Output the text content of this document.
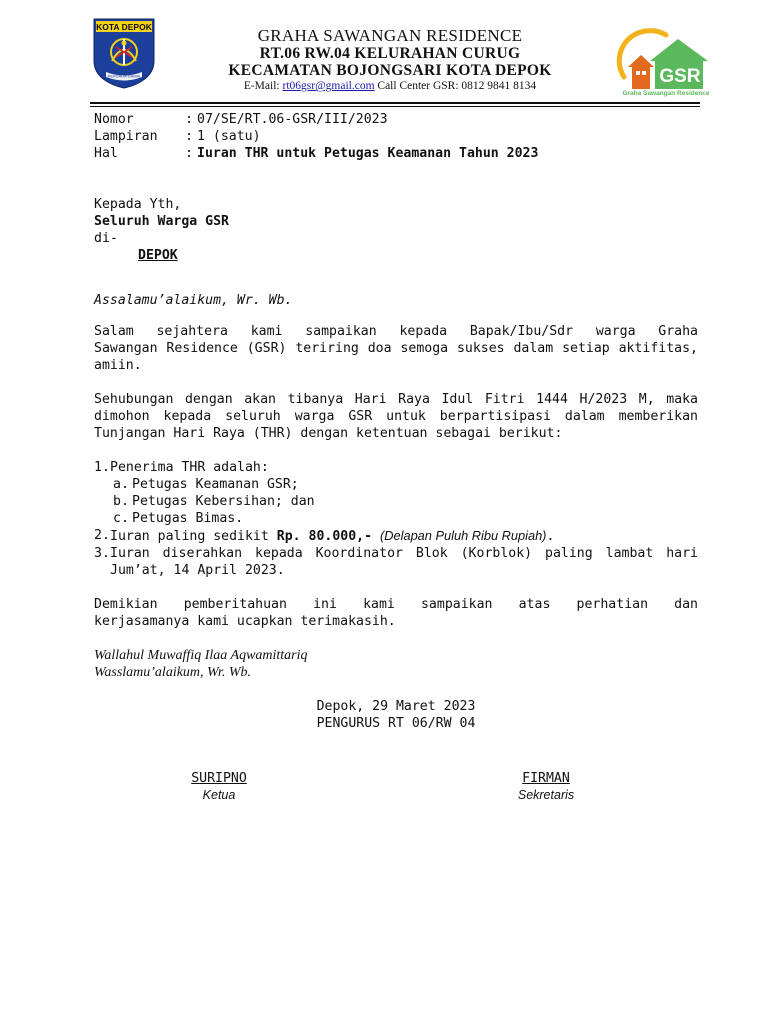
KOTA DEPOK
PERSADA DAMAI
GRAHA SAWANGAN RESIDENCE
RT.06 RW.04 KELURAHAN CURUG
KECAMATAN BOJONGSARI KOTA DEPOK
E-Mail: rt06gsr@gmail.com Call Center GSR: 0812 9841 8134	GSR
Graha Sawangan Residence
Nomor	: 07/SE/RT.06-GSR/III/2023
Lampiran	: 1 (satu)
Hal	: Iuran THR untuk Petugas Keamanan Tahun 2023
Kepada Yth,
Seluruh Warga GSR
di-
DEPOK
Assalamu’alaikum, Wr. Wb.
Salam sejahtera kami sampaikan kepada Bapak/Ibu/Sdr warga Graha
Sawangan Residence (GSR) teriring doa semoga sukses dalam setiap aktifitas,
amiin.
Sehubungan dengan akan tibanya Hari Raya Idul Fitri 1444 H/2023 M, maka
dimohon kepada seluruh warga GSR untuk berpartisipasi dalam memberikan
Tunjangan Hari Raya (THR) dengan ketentuan sebagai berikut:
1. Penerima THR adalah:
a. Petugas Keamanan GSR;
b. Petugas Kebersihan; dan
c. Petugas Bimas.
2. Iuran paling sedikit Rp. 80.000,- (Delapan Puluh Ribu Rupiah).
3. Iuran diserahkan kepada Koordinator Blok (Korblok) paling lambat hari
Jum’at, 14 April 2023.
Demikian pemberitahuan ini kami sampaikan atas perhatian dan
kerjasamanya kami ucapkan terimakasih.
Wallahul Muwaffiq Ilaa Aqwamittariq
Wasslamu’alaikum, Wr. Wb.
Depok, 29 Maret 2023
PENGURUS RT 06/RW 04
SURIPNO
Ketua
FIRMAN
Sekretaris
